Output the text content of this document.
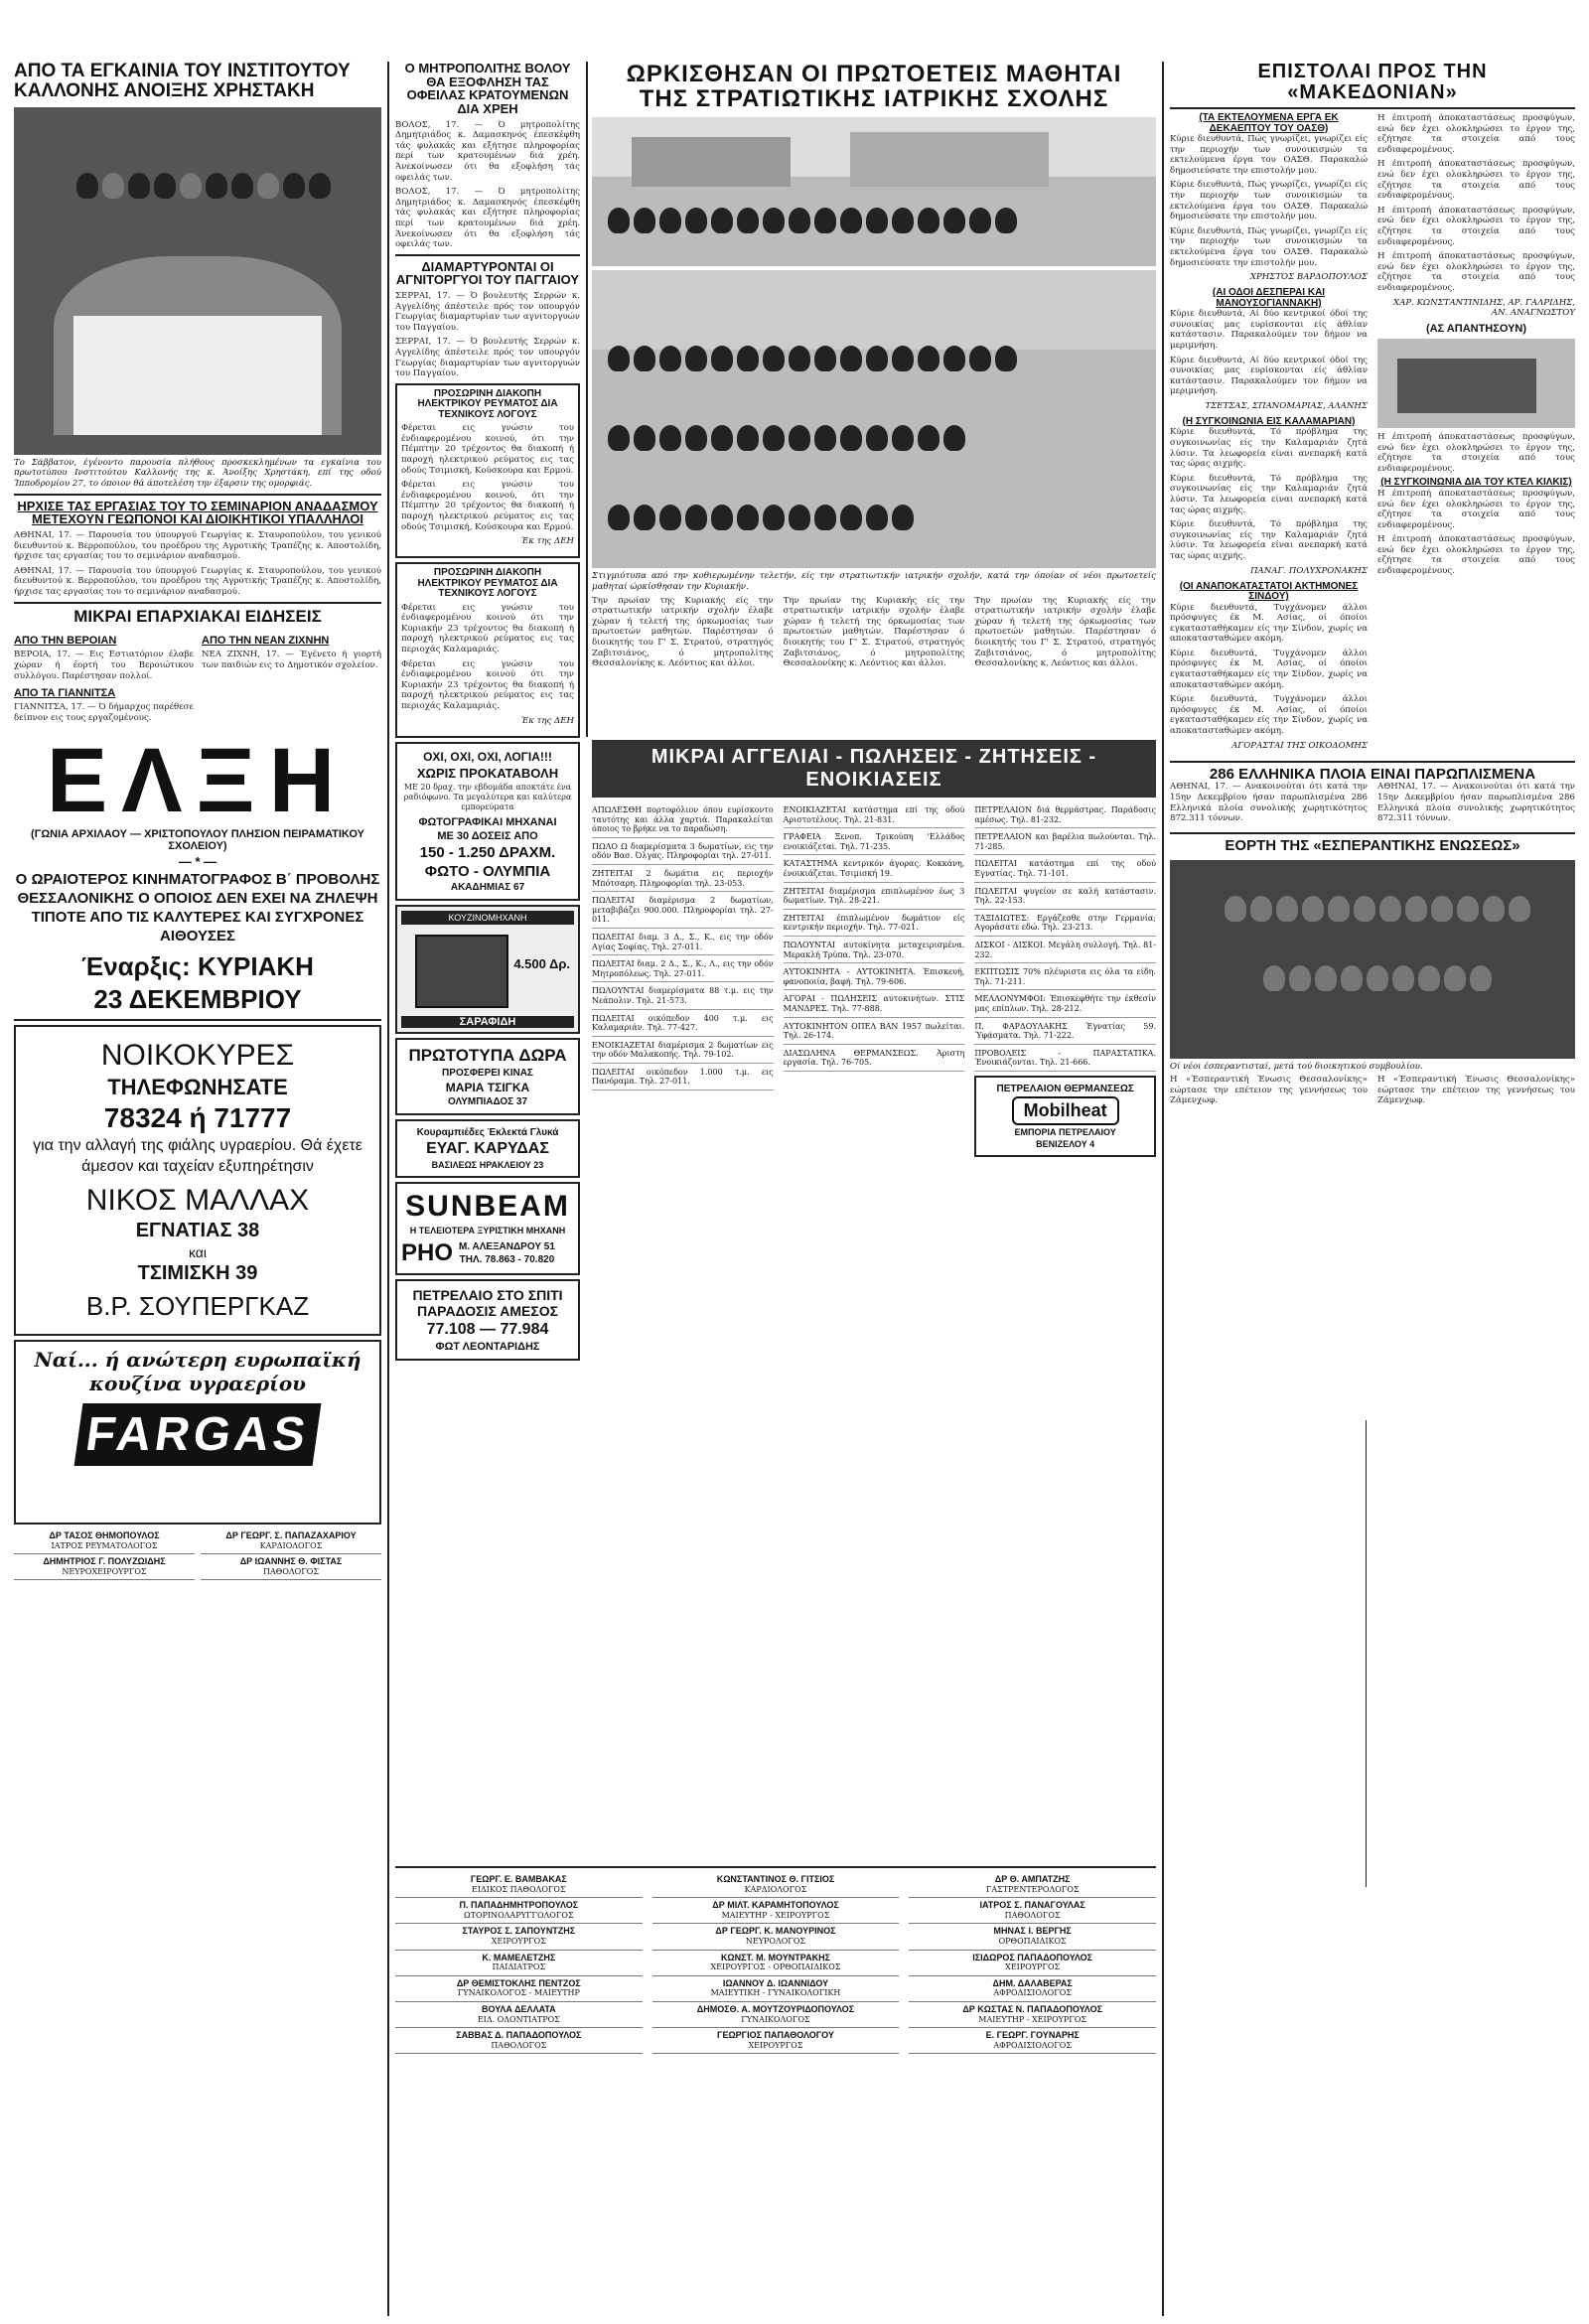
ΑΠΟ ΤΑ ΕΓΚΑΙΝΙΑ ΤΟΥ ΙΝΣΤΙΤΟΥΤΟΥ ΚΑΛΛΟΝΗΣ ΑΝΟΙΞΗΣ ΧΡΗΣΤΑΚΗ

Το Σάββατον, έγένοντο παρουσία πλήθους προσκεκλημένων τα εγκαίνια του πρωτοτύπου Ινστιτούτου Καλλονής της κ. Άνοίξης Χρηστάκη, επί της οδού Ίπποδρομίου 27, το όποιον θά άποτελέση την έξαρσιν της ομορφιάς.

ΗΡΧΙΣΕ ΤΑΣ ΕΡΓΑΣΙΑΣ ΤΟΥ ΤΟ ΣΕΜΙΝΑΡΙΟΝ ΑΝΑΔΑΣΜΟΥ ΜΕΤΕΧΟΥΝ ΓΕΩΠΟΝΟΙ ΚΑΙ ΔΙΟΙΚΗΤΙΚΟΙ ΥΠΑΛΛΗΛΟΙ

ΑΘΗΝΑΙ, 17. — Παρουσία του ύπουργού Γεωργίας κ. Σταυροπούλου, του γενικού διευθυντού κ. Βερροπούλου, του προέδρου της Αγροτικής Τραπέζης κ. Αποστολίδη, ήρχισε τας εργασίας του το σεμινάριον αναδασμού.

ΑΘΗΝΑΙ, 17. — Παρουσία του ύπουργού Γεωργίας κ. Σταυροπούλου, του γενικού διευθυντού κ. Βερροπούλου, του προέδρου της Αγροτικής Τραπέζης κ. Αποστολίδη, ήρχισε τας εργασίας του το σεμινάριον αναδασμού.

ΜΙΚΡΑΙ ΕΠΑΡΧΙΑΚΑΙ ΕΙΔΗΣΕΙΣ
ΑΠΟ ΤΗΝ ΒΕΡΟΙΑΝ

ΒΕΡΟΙΑ, 17. — Εις Εστιατόριον έλαβε χώραν ή έορτή του Βεροιώτικου συλλόγου. Παρέστησαν πολλοί.

ΑΠΟ ΤΑ ΓΙΑΝΝΙΤΣΑ

ΓΙΑΝΝΙΤΣΑ, 17. — Ό δήμαρχος παρέθεσε δείπνον εις τους εργαζομένους.

ΑΠΟ ΤΗΝ ΝΕΑΝ ΖΙΧΝΗΝ

ΝΕΑ ΖΙΧΝΗ, 17. — Έγένετο ή γιορτή των παιδιών εις το Δημοτικόν σχολείον.

ΕΛΞΗ
(ΓΩΝΙΑ ΑΡΧΙΛΑΟΥ — ΧΡΙΣΤΟΠΟΥΛΟΥ ΠΛΗΣΙΟΝ ΠΕΙΡΑΜΑΤΙΚΟΥ ΣΧΟΛΕΙΟΥ)
— * —
Ο ΩΡΑΙΟΤΕΡΟΣ ΚΙΝΗΜΑΤΟΓΡΑΦΟΣ Β΄ ΠΡΟΒΟΛΗΣ ΘΕΣΣΑΛΟΝΙΚΗΣ Ο ΟΠΟΙΟΣ ΔΕΝ ΕΧΕΙ ΝΑ ΖΗΛΕΨΗ ΤΙΠΟΤΕ ΑΠΟ ΤΙΣ ΚΑΛΥΤΕΡΕΣ ΚΑΙ ΣΥΓΧΡΟΝΕΣ ΑΙΘΟΥΣΕΣ
Έναρξις: ΚΥΡΙΑΚΗ
23 ΔΕΚΕΜΒΡΙΟΥ
ΝΟΙΚΟΚΥΡΕΣ
ΤΗΛΕΦΩΝΗΣΑΤΕ
78324 ή 71777
για την αλλαγή της φιάλης υγραερίου. Θά έχετε άμεσον και ταχείαν εξυπηρέτησιν
ΝΙΚΟΣ ΜΑΛΛΑΧ
ΕΓΝΑΤΙΑΣ 38
και
ΤΣΙΜΙΣΚΗ 39
Β.Ρ. ΣΟΥΠΕΡΓΚΑΖ
Ναί... ή ανώτερη ευρωπαϊκή κουζίνα υγραερίου
FARGAS
ΔΡ ΤΑΣΟΣ ΘΗΜΟΠΟΥΛΟΣ
ΙΑΤΡΟΣ ΡΕΥΜΑΤΟΛΟΓΟΣ
ΔΡ ΓΕΩΡΓ. Σ. ΠΑΠΑΖΑΧΑΡΙΟΥ
ΚΑΡΔΙΟΛΟΓΟΣ
ΔΗΜΗΤΡΙΟΣ Γ. ΠΟΛΥΖΩΙΔΗΣ
ΝΕΥΡΟΧΕΙΡΟΥΡΓΟΣ
ΔΡ ΙΩΑΝΝΗΣ Θ. ΦΙΣΤΑΣ
ΠΑΘΟΛΟΓΟΣ
Ο ΜΗΤΡΟΠΟΛΙΤΗΣ ΒΟΛΟΥ ΘΑ ΕΞΟΦΛΗΣΗ ΤΑΣ ΟΦΕΙΛΑΣ ΚΡΑΤΟΥΜΕΝΩΝ ΔΙΑ ΧΡΕΗ

ΒΟΛΟΣ, 17. — Ό μητροπολίτης Δημητριάδος κ. Δαμασκηνός έπεσκέφθη τάς φυλακάς και εξήτησε πληροφορίας περί των κρατουμένων διά χρέη. Άνεκοίνωσεν ότι θα εξοφλήση τάς οφειλάς των.

ΒΟΛΟΣ, 17. — Ό μητροπολίτης Δημητριάδος κ. Δαμασκηνός έπεσκέφθη τάς φυλακάς και εξήτησε πληροφορίας περί των κρατουμένων διά χρέη. Άνεκοίνωσεν ότι θα εξοφλήση τάς οφειλάς των.

ΔΙΑΜΑΡΤΥΡΟΝΤΑΙ ΟΙ ΑΓΝΙΤΟΡΓΥΟΙ ΤΟΥ ΠΑΓΓΑΙΟΥ

ΣΕΡΡΑΙ, 17. — Ό βουλευτής Σερρών κ. Αγγελίδης άπέστειλε πρός τον υπουργόν Γεωργίας διαμαρτυρίαν των αγνιτοργυών του Παγγαίου.

ΣΕΡΡΑΙ, 17. — Ό βουλευτής Σερρών κ. Αγγελίδης άπέστειλε πρός τον υπουργόν Γεωργίας διαμαρτυρίαν των αγνιτοργυών του Παγγαίου.

ΠΡΟΣΩΡΙΝΗ ΔΙΑΚΟΠΗ ΗΛΕΚΤΡΙΚΟΥ ΡΕΥΜΑΤΟΣ ΔΙΑ ΤΕΧΝΙΚΟΥΣ ΛΟΓΟΥΣ

Φέρεται εις γνώσιν του ένδιαφερομένου κοινού, ότι την Πέμπτην 20 τρέχοντος θα διακοπή ή παροχή ηλεκτρικού ρεύματος εις τας οδούς Τσιμισκή, Κούσκουρα και Ερμού.

Φέρεται εις γνώσιν του ένδιαφερομένου κοινού, ότι την Πέμπτην 20 τρέχοντος θα διακοπή ή παροχή ηλεκτρικού ρεύματος εις τας οδούς Τσιμισκή, Κούσκουρα και Ερμού.

Έκ της ΔΕΗ
ΠΡΟΣΩΡΙΝΗ ΔΙΑΚΟΠΗ ΗΛΕΚΤΡΙΚΟΥ ΡΕΥΜΑΤΟΣ ΔΙΑ ΤΕΧΝΙΚΟΥΣ ΛΟΓΟΥΣ

Φέρεται εις γνώσιν του ένδιαφερομένου κοινού ότι την Κυριακήν 23 τρέχοντος θα διακοπή ή παροχή ηλεκτρικού ρεύματος εις τας περιοχάς Καλαμαριάς.

Φέρεται εις γνώσιν του ένδιαφερομένου κοινού ότι την Κυριακήν 23 τρέχοντος θα διακοπή ή παροχή ηλεκτρικού ρεύματος εις τας περιοχάς Καλαμαριάς.

Έκ της ΔΕΗ
ΟΧΙ, ΟΧΙ, ΟΧΙ, ΛΟΓΙΑ!!!
ΧΩΡΙΣ ΠΡΟΚΑΤΑΒΟΛΗ

ΜΕ 20 δραχ. την εβδομάδα αποκτάτε ένα ραδιόφωνο. Τα μεγαλύτερα και καλύτερα εμπορεύματα

ΦΩΤΟΓΡΑΦΙΚΑΙ ΜΗΧΑΝΑΙ
ΜΕ 30 ΔΟΣΕΙΣ ΑΠΟ
150 - 1.250 ΔΡΑΧΜ.
ΦΩΤΟ - ΟΛΥΜΠΙΑ
ΑΚΑΔΗΜΙΑΣ 67
ΚΟΥΖΙΝΟΜΗΧΑΝΗ
4.500 Δρ.
ΣΑΡΑΦΙΔΗ
ΠΡΩΤΟΤΥΠΑ ΔΩΡΑ
ΠΡΟΣΦΕΡΕΙ ΚΙΝΑΣ
ΜΑΡΙΑ ΤΣΙΓΚΑ
ΟΛΥΜΠΙΑΔΟΣ 37
Κουραμπιέδες Έκλεκτά Γλυκά
ΕΥΑΓ. ΚΑΡΥΔΑΣ
ΒΑΣΙΛΕΩΣ ΗΡΑΚΛΕΙΟΥ 23
SUNBEAM
Η ΤΕΛΕΙΟΤΕΡΑ ΞΥΡΙΣΤΙΚΗ ΜΗΧΑΝΗ
ΡΗΟ Μ. ΑΛΕΞΑΝΔΡΟΥ 51
ΤΗΛ. 78.863 - 70.820
ΠΕΤΡΕΛΑΙΟ ΣΤΟ ΣΠΙΤΙ ΠΑΡΑΔΟΣΙΣ ΑΜΕΣΟΣ
77.108 — 77.984
ΦΩΤ ΛΕΟΝΤΑΡΙΔΗΣ
ΩΡΚΙΣΘΗΣΑΝ ΟΙ ΠΡΩΤΟΕΤΕΙΣ ΜΑΘΗΤΑΙ
ΤΗΣ ΣΤΡΑΤΙΩΤΙΚΗΣ ΙΑΤΡΙΚΗΣ ΣΧΟΛΗΣ

Στιγμιότυπα από την κοθιερωμένην τελετήν, είς την στρατιωτικήν ιατρικήν σχολήν, κατά την όποίαν οί νέοι πρωτοετείς μαθηταί ώρκίσθησαν την Κυριακήν.

Την πρωίαν της Κυριακής είς την στρατιωτικήν ιατρικήν σχολήν έλαβε χώραν ή τελετή της όρκωμοσίας των πρωτοετών μαθητών. Παρέστησαν ό διοικητής του Γ' Σ. Στρατού, στρατηγός Ζαβιτσιάνος, ό μητροπολίτης Θεσσαλονίκης κ. Λεόντιος και άλλοι.

Την πρωίαν της Κυριακής είς την στρατιωτικήν ιατρικήν σχολήν έλαβε χώραν ή τελετή της όρκωμοσίας των πρωτοετών μαθητών. Παρέστησαν ό διοικητής του Γ' Σ. Στρατού, στρατηγός Ζαβιτσιάνος, ό μητροπολίτης Θεσσαλονίκης κ. Λεόντιος και άλλοι.

Την πρωίαν της Κυριακής είς την στρατιωτικήν ιατρικήν σχολήν έλαβε χώραν ή τελετή της όρκωμοσίας των πρωτοετών μαθητών. Παρέστησαν ό διοικητής του Γ' Σ. Στρατού, στρατηγός Ζαβιτσιάνος, ό μητροπολίτης Θεσσαλονίκης κ. Λεόντιος και άλλοι.

ΜΙΚΡΑΙ ΑΓΓΕΛΙΑΙ - ΠΩΛΗΣΕΙΣ - ΖΗΤΗΣΕΙΣ - ΕΝΟΙΚΙΑΣΕΙΣ

ΑΠΩΛΕΣΘΗ πορτοφόλιον όπου ευρίσκοντο ταυτότης και άλλα χαρτιά. Παρακαλείται όποιος το βρήκε να το παραδώση.

ΠΩΛΟ Ω διαμερίσματα 3 δωματίων, εις την οδόν Βασ. Όλγας. Πληροφορίαι τηλ. 27-011.

ΖΗΤΕΙΤΑΙ 2 δωμάτια εις περιοχήν Μπότσαρη. Πληροφορίαι τηλ. 23-053.

ΠΩΛΕΙΤΑΙ διαμέρισμα 2 δωματίων, μεταβιβάζει 900.000. Πληροφορίαι τηλ. 27-011.

ΠΩΛΕΙΤΑΙ διαμ. 3 Δ., Σ., Κ., εις την οδόν Αγίας Σοφίας. Τηλ. 27-011.

ΠΩΛΕΙΤΑΙ διαμ. 2 Δ., Σ., Κ., Λ., εις την οδόν Μητροπόλεως. Τηλ. 27-011.

ΠΩΛΟΥΝΤΑΙ διαμερίσματα 88 τ.μ. εις την Νεάπολιν. Τηλ. 21-573.

ΠΩΛΕΙΤΑΙ οικόπεδον 400 τ.μ. εις Καλαμαριάν. Τηλ. 77-427.

ΕΝΟΙΚΙΑΖΕΤΑΙ διαμέρισμα 2 δωματίων εις την οδόν Μαλακοπής. Τηλ. 79-102.

ΠΩΛΕΙΤΑΙ οικόπεδον 1.000 τ.μ. εις Πανόραμα. Τηλ. 27-011.

ΕΝΟΙΚΙΑΖΕΤΑΙ κατάστημα επί της οδού Αριστοτέλους. Τηλ. 21-831.

ΓΡΑΦΕΙΑ Ξενοπ. Τρικούπη 'Ελλάδος ενοικιάζεται. Τηλ. 71-235.

ΚΑΤΑΣΤΗΜΑ κεντρικόν άγορας. Κοκκάνη, ένοικιάζεται. Τσιμισκή 19.

ΖΗΤΕΙΤΑΙ διαμέρισμα επιπλωμένον έως 3 δωματίων. Τηλ. 28-221.

ΖΗΤΕΙΤΑΙ έπιπλωμένον δωμάτιον είς κεντρικήν περιοχήν. Τηλ. 77-021.

ΠΩΛΟΥΝΤΑΙ αυτοκίνητα μεταχειρισμένα. Μερακλή Τρύπα. Τηλ. 23-070.

ΑΥΤΟΚΙΝΗΤΑ - ΑΥΤΟΚΙΝΗΤΑ. Έπισκευή, φανοποιία, βαφή. Τηλ. 79-606.

ΑΓΟΡΑΙ - ΠΩΛΗΣΕΙΣ αυτοκινήτων. ΣΤΙΣ ΜΑΝΔΡΕΣ. Τηλ. 77-888.

ΑΥΤΟΚΙΝΗΤΟΝ ΟΠΕΛ ΒΑΝ 1957 πωλείται. Τηλ. 26-174.

ΔΙΑΣΩΛΗΝΑ ΘΕΡΜΑΝΣΕΩΣ. Άριστη εργασία. Τηλ. 76-705.

ΠΕΤΡΕΛΑΙΟΝ διά θερμάστρας. Παράδοσις αμέσως. Τηλ. 81-232.

ΠΕΤΡΕΛΑΙΟΝ και βαρέλια πωλούνται. Τηλ. 71-285.

ΠΩΛΕΙΤΑΙ κατάστημα επί της οδού Εγνατίας. Τηλ. 71-101.

ΠΩΛΕΙΤΑΙ ψυγείον σε καλή κατάστασιν. Τηλ. 22-153.

ΤΑΞΙΔΙΩΤΕΣ: Εργάζεσθε στην Γερμανία; Αγοράσατε εδώ. Τηλ. 23-213.

ΔΙΣΚΟΙ - ΔΙΣΚΟΙ. Μεγάλη συλλογή. Τηλ. 81-232.

ΕΚΠΤΩΣΙΣ 70% πλέυριστα εις όλα τα είδη. Τηλ. 71-211.

ΜΕΛΛΟΝΥΜΦΟΙ: Έπισκεφθήτε την έκθεσίν μας επίπλων. Τηλ. 28-212.

Π. ΦΑΡΔΟΥΛΑΚΗΣ Έγνατίας 59. Ύφάσματα. Τηλ. 71-222.

ΠΡΟΒΟΛΕΙΣ - ΠΑΡΑΣΤΑΤΙΚΑ. Ένοικιάζονται. Τηλ. 21-666.

ΠΕΤΡΕΛΑΙΟΝ ΘΕΡΜΑΝΣΕΩΣ
Mobilheat
ΕΜΠΟΡΙΑ ΠΕΤΡΕΛΑΙΟΥ
ΒΕΝΙΖΕΛΟΥ 4
ΓΕΩΡΓ. Ε. ΒΑΜΒΑΚΑΣ
ΕΙΔΙΚΟΣ ΠΑΘΟΛΟΓΟΣ
ΚΩΝΣΤΑΝΤΙΝΟΣ Θ. ΓΙΤΣΙΟΣ
ΚΑΡΔΙΟΛΟΓΟΣ
ΔΡ Θ. ΑΜΠΑΤΖΗΣ
ΓΑΣΤΡΕΝΤΕΡΟΛΟΓΟΣ
Π. ΠΑΠΑΔΗΜΗΤΡΟΠΟΥΛΟΣ
ΩΤΟΡΙΝΟΛΑΡΥΓΓΟΛΟΓΟΣ
ΔΡ ΜΙΛΤ. ΚΑΡΑΜΗΤΟΠΟΥΛΟΣ
ΜΑΙΕΥΤΗΡ - ΧΕΙΡΟΥΡΓΟΣ
ΙΑΤΡΟΣ Σ. ΠΑΝΑΓΟΥΛΑΣ
ΠΑΘΟΛΟΓΟΣ
ΣΤΑΥΡΟΣ Σ. ΣΑΠΟΥΝΤΖΗΣ
ΧΕΙΡΟΥΡΓΟΣ
ΔΡ ΓΕΩΡΓ. Κ. ΜΑΝΟΥΡΙΝΟΣ
ΝΕΥΡΟΛΟΓΟΣ
ΜΗΝΑΣ Ι. ΒΕΡΓΗΣ
ΟΡΘΟΠΑΙΔΙΚΟΣ
Κ. ΜΑΜΕΛΕΤΖΗΣ
ΠΑΙΔΙΑΤΡΟΣ
ΚΩΝΣΤ. Μ. ΜΟΥΝΤΡΑΚΗΣ
ΧΕΙΡΟΥΡΓΟΣ - ΟΡΘΟΠΑΙΔΙΚΟΣ
ΙΣΙΔΩΡΟΣ ΠΑΠΑΔΟΠΟΥΛΟΣ
ΧΕΙΡΟΥΡΓΟΣ
ΔΡ ΘΕΜΙΣΤΟΚΛΗΣ ΠΕΝΤΖΟΣ
ΓΥΝΑΙΚΟΛΟΓΟΣ - ΜΑΙΕΥΤΗΡ
ΙΩΑΝΝΟΥ Δ. ΙΩΑΝΝΙΔΟΥ
ΜΑΙΕΥΤΙΚΗ - ΓΥΝΑΙΚΟΛΟΓΙΚΗ
ΔΗΜ. ΔΑΛΑΒΕΡΑΣ
ΑΦΡΟΔΙΣΙΟΛΟΓΟΣ
ΒΟΥΛΑ ΔΕΛΛΑΤΑ
ΕΙΔ. ΟΔΟΝΤΙΑΤΡΟΣ
ΔΗΜΟΣΘ. Α. ΜΟΥΤΖΟΥΡΙΔΟΠΟΥΛΟΣ
ΓΥΝΑΙΚΟΛΟΓΟΣ
ΔΡ ΚΩΣΤΑΣ Ν. ΠΑΠΑΔΟΠΟΥΛΟΣ
ΜΑΙΕΥΤΗΡ - ΧΕΙΡΟΥΡΓΟΣ
ΣΑΒΒΑΣ Δ. ΠΑΠΑΔΟΠΟΥΛΟΣ
ΠΑΘΟΛΟΓΟΣ
ΓΕΩΡΓΙΟΣ ΠΑΠΑΘΟΛΟΓΟΥ
ΧΕΙΡΟΥΡΓΟΣ
Ε. ΓΕΩΡΓ. ΓΟΥΝΑΡΗΣ
ΑΦΡΟΔΙΣΙΟΛΟΓΟΣ
ΕΠΙΣΤΟΛΑΙ ΠΡΟΣ ΤΗΝ «ΜΑΚΕΔΟΝΙΑΝ»
(ΤΑ ΕΚΤΕΛΟΥΜΕΝΑ ΕΡΓΑ ΕΚ ΔΕΚΑΕΠΤΟΥ ΤΟΥ ΟΑΣΘ)

Κύριε διευθυντά, Πώς γνωρίζει, γνωρίζει είς την περιοχήν των συνοικισμών τα εκτελούμενα έργα του ΟΑΣΘ. Παρακαλώ δημοσιεύσατε την επιστολήν μου.

Κύριε διευθυντά, Πώς γνωρίζει, γνωρίζει είς την περιοχήν των συνοικισμών τα εκτελούμενα έργα του ΟΑΣΘ. Παρακαλώ δημοσιεύσατε την επιστολήν μου.

Κύριε διευθυντά, Πώς γνωρίζει, γνωρίζει είς την περιοχήν των συνοικισμών τα εκτελούμενα έργα του ΟΑΣΘ. Παρακαλώ δημοσιεύσατε την επιστολήν μου.

ΧΡΗΣΤΟΣ ΒΑΡΔΟΠΟΥΛΟΣ
(ΑΙ ΟΔΟΙ ΔΕΣΠΕΡΑΙ ΚΑΙ ΜΑΝΟΥΣΟΓΙΑΝΝΑΚΗ)

Κύριε διευθυντά, Αί δύο κεντρικοί όδοί της συνοικίας μας ευρίσκονται είς άθλίαν κατάστασιν. Παρακαλούμεν τον δήμον να μεριμνήση.

Κύριε διευθυντά, Αί δύο κεντρικοί όδοί της συνοικίας μας ευρίσκονται είς άθλίαν κατάστασιν. Παρακαλούμεν τον δήμον να μεριμνήση.

ΤΣΕΤΣΑΣ, ΣΠΑΝΟΜΑΡΙΑΣ, ΑΛΑΝΗΣ
(Η ΣΥΓΚΟΙΝΩΝΙΑ ΕΙΣ ΚΑΛΑΜΑΡΙΑΝ)

Κύριε διευθυντά, Τό πρόβλημα της συγκοινωνίας είς την Καλαμαριάν ζητά λύσιν. Τα λεωφορεία είναι ανεπαρκή κατά τας ώρας αιχμής.

Κύριε διευθυντά, Τό πρόβλημα της συγκοινωνίας είς την Καλαμαριάν ζητά λύσιν. Τα λεωφορεία είναι ανεπαρκή κατά τας ώρας αιχμής.

Κύριε διευθυντά, Τό πρόβλημα της συγκοινωνίας είς την Καλαμαριάν ζητά λύσιν. Τα λεωφορεία είναι ανεπαρκή κατά τας ώρας αιχμής.

ΠΑΝΑΓ. ΠΟΛΥΧΡΟΝΑΚΗΣ
(ΟΙ ΑΝΑΠΟΚΑΤΑΣΤΑΤΟΙ ΑΚΤΗΜΟΝΕΣ ΣΙΝΔΟΥ)

Κύριε διευθυντά, Τυγχάνομεν άλλοι πρόσφυγες έκ Μ. Ασίας, οί όποίοι εγκατασταθήκαμεν είς την Σίνδον, χωρίς να αποκατασταθώμεν ακόμη.

Κύριε διευθυντά, Τυγχάνομεν άλλοι πρόσφυγες έκ Μ. Ασίας, οί όποίοι εγκατασταθήκαμεν είς την Σίνδον, χωρίς να αποκατασταθώμεν ακόμη.

Κύριε διευθυντά, Τυγχάνομεν άλλοι πρόσφυγες έκ Μ. Ασίας, οί όποίοι εγκατασταθήκαμεν είς την Σίνδον, χωρίς να αποκατασταθώμεν ακόμη.

ΑΓΟΡΑΣΤΑΙ ΤΗΣ ΟΙΚΟΔΟΜΗΣ

Η έπιτροπή άποκαταστάσεως προσφύγων, ενώ δεν έχει ολοκληρώσει το έργον της, εζήτησε τα στοιχεία από τους ενδιαφερομένους.

Η έπιτροπή άποκαταστάσεως προσφύγων, ενώ δεν έχει ολοκληρώσει το έργον της, εζήτησε τα στοιχεία από τους ενδιαφερομένους.

Η έπιτροπή άποκαταστάσεως προσφύγων, ενώ δεν έχει ολοκληρώσει το έργον της, εζήτησε τα στοιχεία από τους ενδιαφερομένους.

Η έπιτροπή άποκαταστάσεως προσφύγων, ενώ δεν έχει ολοκληρώσει το έργον της, εζήτησε τα στοιχεία από τους ενδιαφερομένους.

ΧΑΡ. ΚΩΝΣΤΑΝΤΙΝΙΔΗΣ, ΑΡ. ΓΑΛΡΙΔΗΣ, ΑΝ. ΑΝΑΓΝΩΣΤΟΥ
(ΑΣ ΑΠΑΝΤΗΣΟΥΝ)

Η έπιτροπή άποκαταστάσεως προσφύγων, ενώ δεν έχει ολοκληρώσει το έργον της, εζήτησε τα στοιχεία από τους ενδιαφερομένους.

(Η ΣΥΓΚΟΙΝΩΝΙΑ ΔΙΑ ΤΟΥ ΚΤΕΛ ΚΙΛΚΙΣ)

Η έπιτροπή άποκαταστάσεως προσφύγων, ενώ δεν έχει ολοκληρώσει το έργον της, εζήτησε τα στοιχεία από τους ενδιαφερομένους.

Η έπιτροπή άποκαταστάσεως προσφύγων, ενώ δεν έχει ολοκληρώσει το έργον της, εζήτησε τα στοιχεία από τους ενδιαφερομένους.

286 ΕΛΛΗΝΙΚΑ ΠΛΟΙΑ ΕΙΝΑΙ ΠΑΡΩΠΛΙΣΜΕΝΑ

ΑΘΗΝΑΙ, 17. — Ανακοινούται ότι κατά την 15ην Δεκεμβρίου ήσαν παρωπλισμένα 286 Ελληνικά πλοία συνολικής χωρητικότητος 872.311 τόννων.

ΑΘΗΝΑΙ, 17. — Ανακοινούται ότι κατά την 15ην Δεκεμβρίου ήσαν παρωπλισμένα 286 Ελληνικά πλοία συνολικής χωρητικότητος 872.311 τόννων.

ΕΟΡΤΗ ΤΗΣ «ΕΣΠΕΡΑΝΤΙΚΗΣ ΕΝΩΣΕΩΣ»

Οί νέοι έσπεραντισταί, μετά τού διοικητικού συμβουλίου.

Η «Έσπεραντική Ένωσις Θεσσαλονίκης» εώρτασε την επέτειον της γεννήσεως του Ζάμενχωφ.

Η «Έσπεραντική Ένωσις Θεσσαλονίκης» εώρτασε την επέτειον της γεννήσεως του Ζάμενχωφ.
